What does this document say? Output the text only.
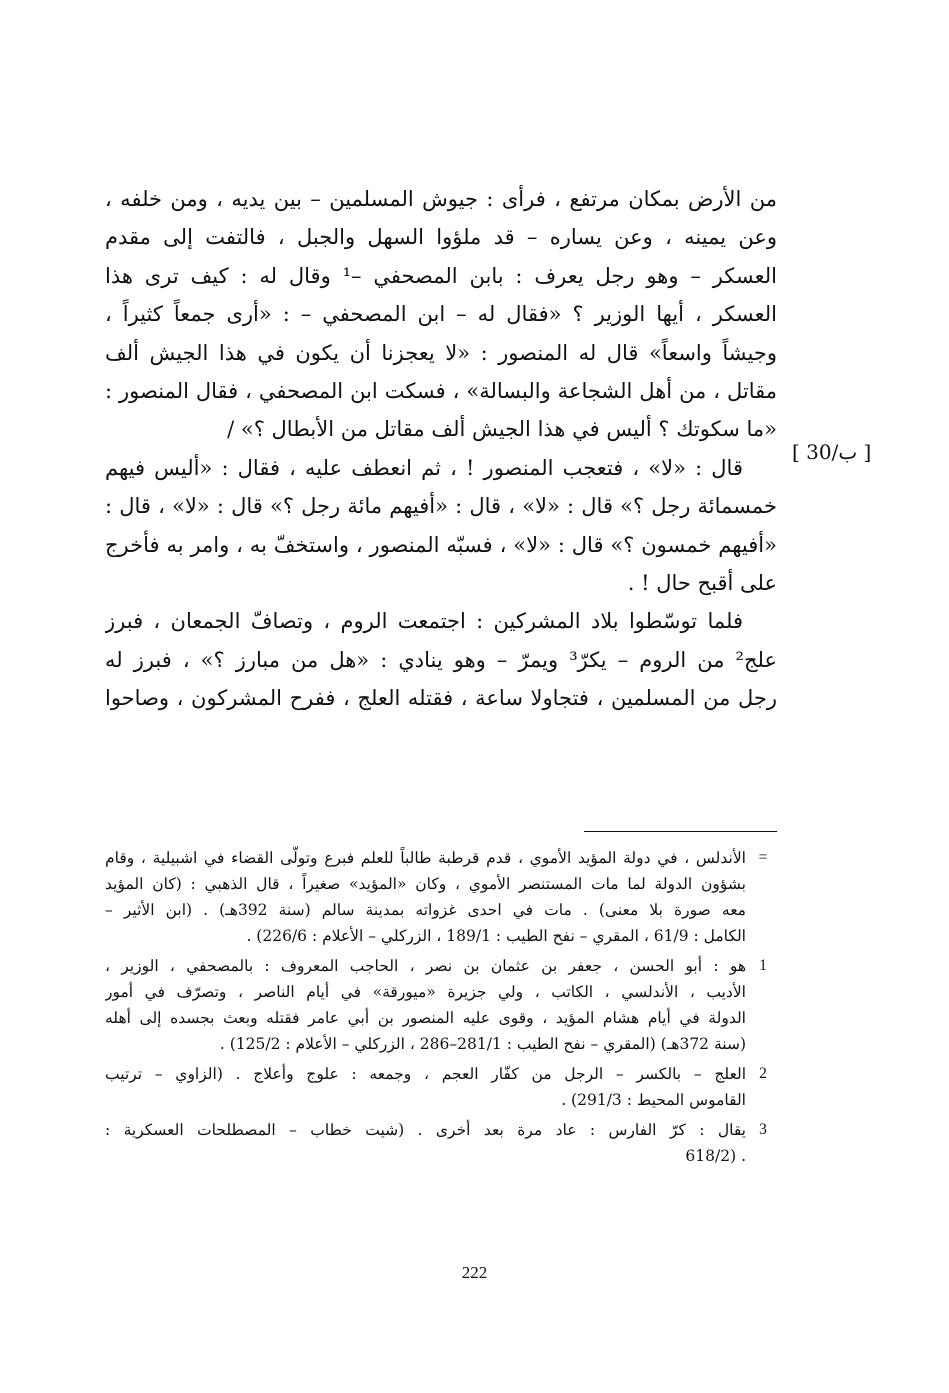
من الأرض بمكان مرتفع ، فرأى : جيوش المسلمين – بين يديه ، ومن خلفه ،
وعن يمينه ، وعن يساره – قد ملؤوا السهل والجبل ، فالتفت إلى مقدم
العسكر – وهو رجل يعرف : بابن المصحفي –¹ وقال له : كيف ترى هذا
العسكر ، أيها الوزير ؟ «فقال له – ابن المصحفي – : «أرى جمعاً كثيراً ،
وجيشاً واسعاً» قال له المنصور : «لا يعجزنا أن يكون في هذا الجيش ألف
مقاتل ، من أهل الشجاعة والبسالة» ، فسكت ابن المصحفي ، فقال المنصور :
«ما سكوتك ؟ أليس في هذا الجيش ألف مقاتل من الأبطال ؟» /
قال : «لا» ، فتعجب المنصور ! ، ثم انعطف عليه ، فقال : «أليس فيهم
خمسمائة رجل ؟» قال : «لا» ، قال : «أفيهم مائة رجل ؟» قال : «لا» ، قال :
«أفيهم خمسون ؟» قال : «لا» ، فسبّه المنصور ، واستخفّ به ، وامر به فأخرج
على أقبح حال ! .
فلما توسّطوا بلاد المشركين : اجتمعت الروم ، وتصافّ الجمعان ، فبرز
علج² من الروم – يكرّ³ ويمرّ – وهو ينادي : «هل من مبارز ؟» ، فبرز له
رجل من المسلمين ، فتجاولا ساعة ، فقتله العلج ، ففرح المشركون ، وصاحوا
[ 30/ب ]
=
الأندلس ، في دولة المؤيد الأموي ، قدم قرطبة طالباً للعلم فبرع وتولّى القضاء في اشبيلية ، وقام
بشؤون الدولة لما مات المستنصر الأموي ، وكان «المؤيد» صغيراً ، قال الذهبي : (كان المؤيد
معه صورة بلا معنى) . مات في احدى غزواته بمدينة سالم (سنة 392هـ) . (ابن الأثير –
الكامل : 61/9 ، المقري – نفح الطيب : 189/1 ، الزركلي – الأعلام : 226/6) .
1
هو : أبو الحسن ، جعفر بن عثمان بن نصر ، الحاجب المعروف : بالمصحفي ، الوزير ،
الأديب ، الأندلسي ، الكاتب ، ولي جزيرة «ميورقة» في أيام الناصر ، وتصرّف في أمور
الدولة في أيام هشام المؤيد ، وقوى عليه المنصور بن أبي عامر فقتله وبعث بجسده إلى أهله
(سنة 372هـ) (المقري – نفح الطيب : 281/1–286 ، الزركلي – الأعلام : 125/2) .
2
العلج – بالكسر – الرجل من كفّار العجم ، وجمعه : علوج وأعلاج . (الزاوي – ترتيب
القاموس المحيط : 291/3) .
3
يقال : كرّ الفارس : عاد مرة بعد أخرى . (شيت خطاب – المصطلحات العسكرية :
. (618/2
222
